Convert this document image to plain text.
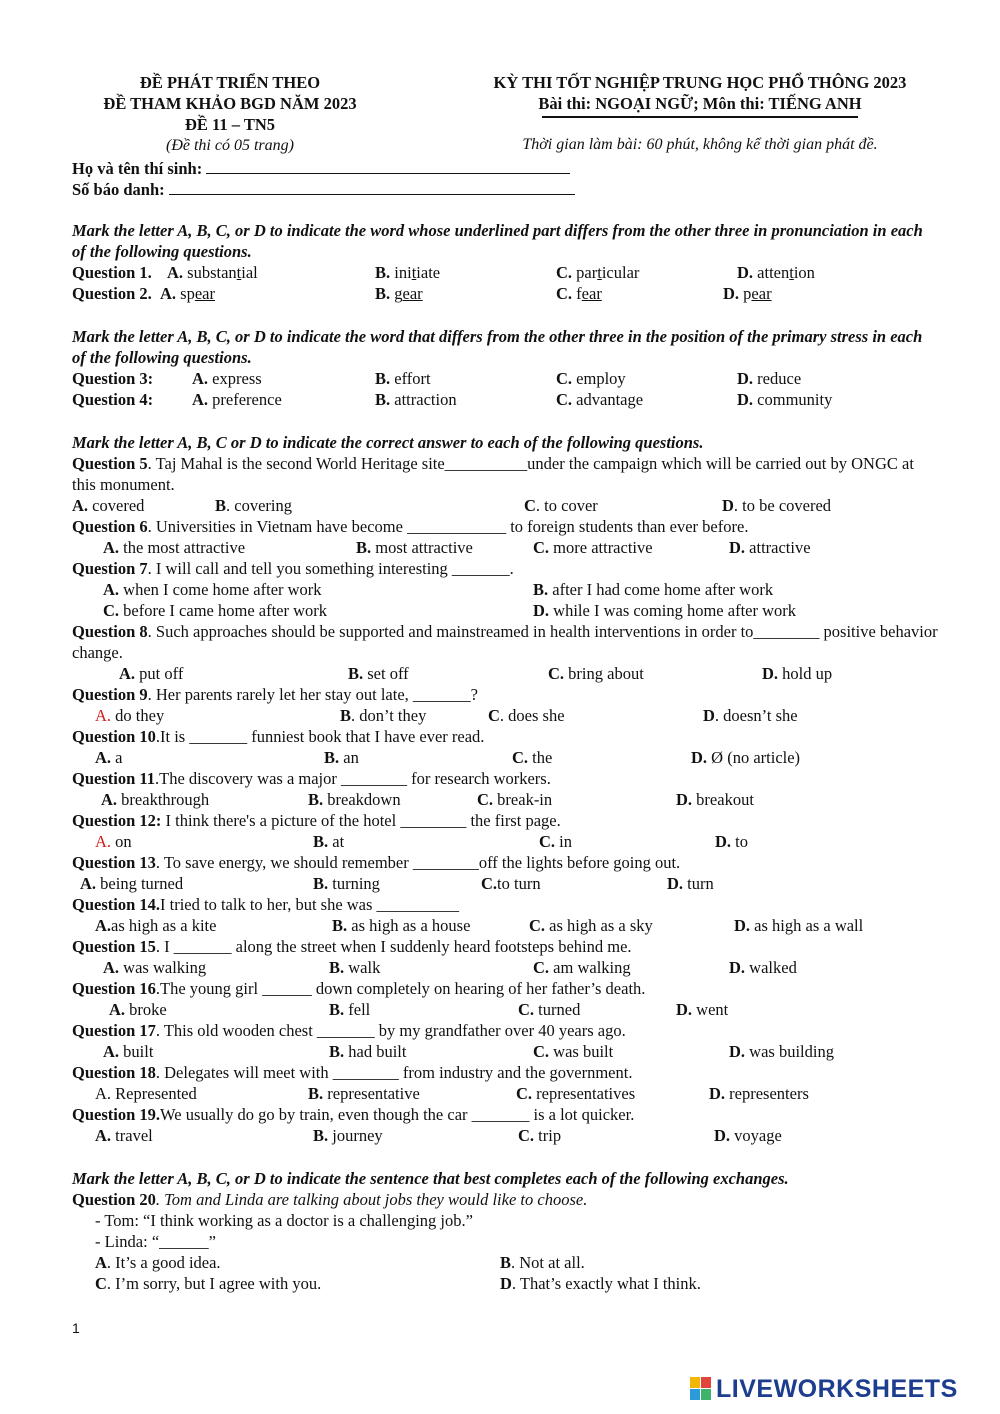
ĐỀ PHÁT TRIỂN THEO
ĐỀ THAM KHẢO BGD NĂM 2023
ĐỀ 11 – TN5
(Đề thi có 05 trang)
KỲ THI TỐT NGHIỆP TRUNG HỌC PHỔ THÔNG 2023
Bài thi: NGOẠI NGỮ; Môn thi: TIẾNG ANH
Thời gian làm bài: 60 phút, không kể thời gian phát đề.
Họ và tên thí sinh:
Số báo danh:
Mark the letter A, B, C, or D to indicate the word whose underlined part differs from the other three in pronunciation in each of the following questions.
Question 1. A. substantial	B. initiate	C. particular	D. attention
Question 2. A. spear	B. gear	C. fear	D. pear
Mark the letter A, B, C, or D to indicate the word that differs from the other three in the position of the primary stress in each of the following questions.
Question 3: A. express	B. effort	C. employ	D. reduce
Question 4: A. preference	B. attraction	C. advantage	D. community
Mark the letter A, B, C or D to indicate the correct answer to each of the following questions.
Question 5. Taj Mahal is the second World Heritage site__________under the campaign which will be carried out by ONGC at this monument.
A. covered	B. covering	C. to cover	D. to be covered
Question 6. Universities in Vietnam have become ____________ to foreign students than ever before.
A. the most attractive	B. most attractive	C. more attractive	D. attractive
Question 7. I will call and tell you something interesting _______.
A. when I come home after work	B. after I had come home after work
C. before I came home after work	D. while I was coming home after work
Question 8. Such approaches should be supported and mainstreamed in health interventions in order to________ positive behavior change.
A. put off	B. set off	C. bring about	D. hold up
Question 9. Her parents rarely let her stay out late, _______?
A. do they	B. don’t they	C. does she	D. doesn’t she
Question 10.It is _______ funniest book that I have ever read.
A. a	B. an	C. the	D. Ø (no article)
Question 11.The discovery was a major ________ for research workers.
A. breakthrough	B. breakdown	C. break-in	D. breakout
Question 12: I think there's a picture of the hotel ________ the first page.
A. on	B. at	C. in	D. to
Question 13. To save energy, we should remember ________off the lights before going out.
A. being turned	B. turning	C.to turn	D. turn
Question 14.I tried to talk to her, but she was __________
A.as high as a kite	B. as high as a house	C. as high as a sky	D. as high as a wall
Question 15. I _______ along the street when I suddenly heard footsteps behind me.
A. was walking	B. walk	C. am walking	D. walked
Question 16.The young girl ______ down completely on hearing of her father’s death.
A. broke	B. fell	C. turned	D. went
Question 17. This old wooden chest _______ by my grandfather over 40 years ago.
A. built	B. had built	C. was built	D. was building
Question 18. Delegates will meet with ________ from industry and the government.
A. Represented	B. representative	C. representatives	D. representers
Question 19.We usually do go by train, even though the car _______ is a lot quicker.
A. travel	B. journey	C. trip	D. voyage
Mark the letter A, B, C, or D to indicate the sentence that best completes each of the following exchanges.
Question 20. Tom and Linda are talking about jobs they would like to choose.
- Tom: “I think working as a doctor is a challenging job.”
- Linda: “______”
A. It’s a good idea.	B. Not at all.
C. I’m sorry, but I agree with you.	D. That’s exactly what I think.
1
LIVEWORKSHEETS
